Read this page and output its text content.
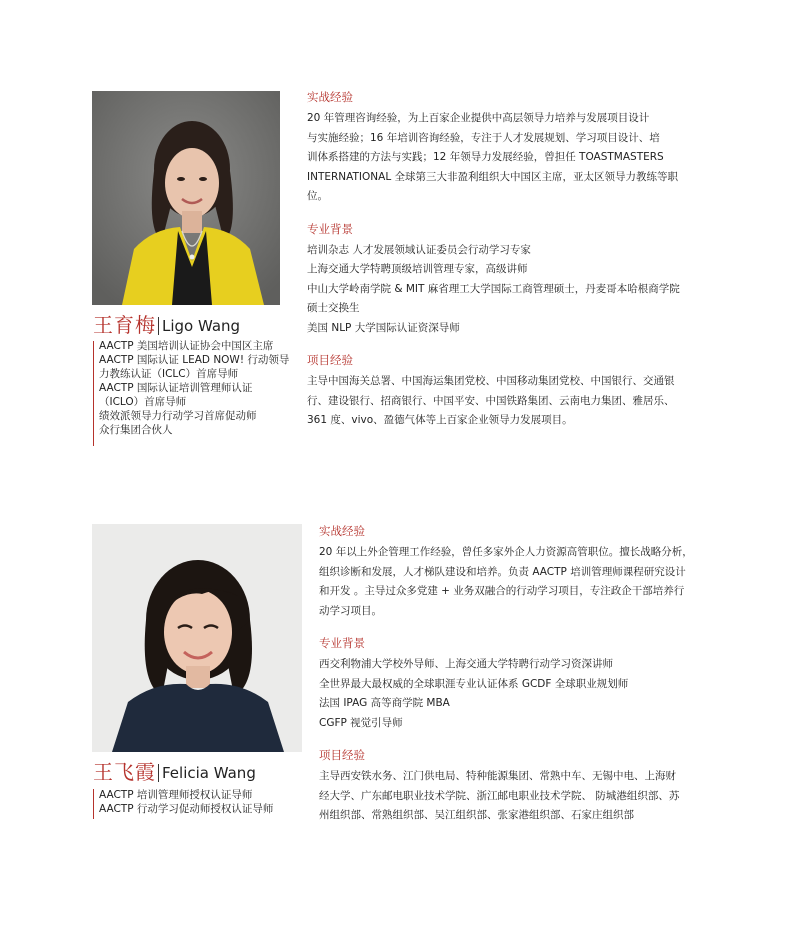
王育梅 Ligo Wang
AACTP 美国培训认证协会中国区主席
AACTP 国际认证 LEAD NOW! 行动领导
力教练认证（ICLC）首席导师
AACTP 国际认证培训管理师认证
（ICLO）首席导师
绩效派领导力行动学习首席促动师
众行集团合伙人
实战经验
20 年管理咨询经验，为上百家企业提供中高层领导力培养与发展项目设计
与实施经验；16 年培训咨询经验，专注于人才发展规划、学习项目设计、培
训体系搭建的方法与实践；12 年领导力发展经验，曾担任 TOASTMASTERS
INTERNATIONAL 全球第三大非盈利组织大中国区主席，亚太区领导力教练等职
位。
专业背景
培训杂志 人才发展领域认证委员会行动学习专家
上海交通大学特聘顶级培训管理专家，高级讲师
中山大学岭南学院 & MIT 麻省理工大学国际工商管理硕士，丹麦哥本哈根商学院
硕士交换生
美国 NLP 大学国际认证资深导师
项目经验
主导中国海关总署、中国海运集团党校、中国移动集团党校、中国银行、交通银
行、建设银行、招商银行、中国平安、中国铁路集团、云南电力集团、雅居乐、
361 度、vivo、盈德气体等上百家企业领导力发展项目。
王飞霞 Felicia Wang
AACTP 培训管理师授权认证导师
AACTP 行动学习促动师授权认证导师
实战经验
20 年以上外企管理工作经验，曾任多家外企人力资源高管职位。擅长战略分析，
组织诊断和发展，人才梯队建设和培养。负责 AACTP 培训管理师课程研究设计
和开发 。主导过众多党建 + 业务双融合的行动学习项目，专注政企干部培养行
动学习项目。
专业背景
西交利物浦大学校外导师、上海交通大学特聘行动学习资深讲师
全世界最大最权威的全球职涯专业认证体系 GCDF 全球职业规划师
法国 IPAG 高等商学院 MBA
CGFP 视觉引导师
项目经验
主导西安铁水务、江门供电局、特种能源集团、常熟中车、无锡中电、上海财
经大学、广东邮电职业技术学院、浙江邮电职业技术学院、 防城港组织部、苏
州组织部、常熟组织部、吴江组织部、张家港组织部、石家庄组织部
